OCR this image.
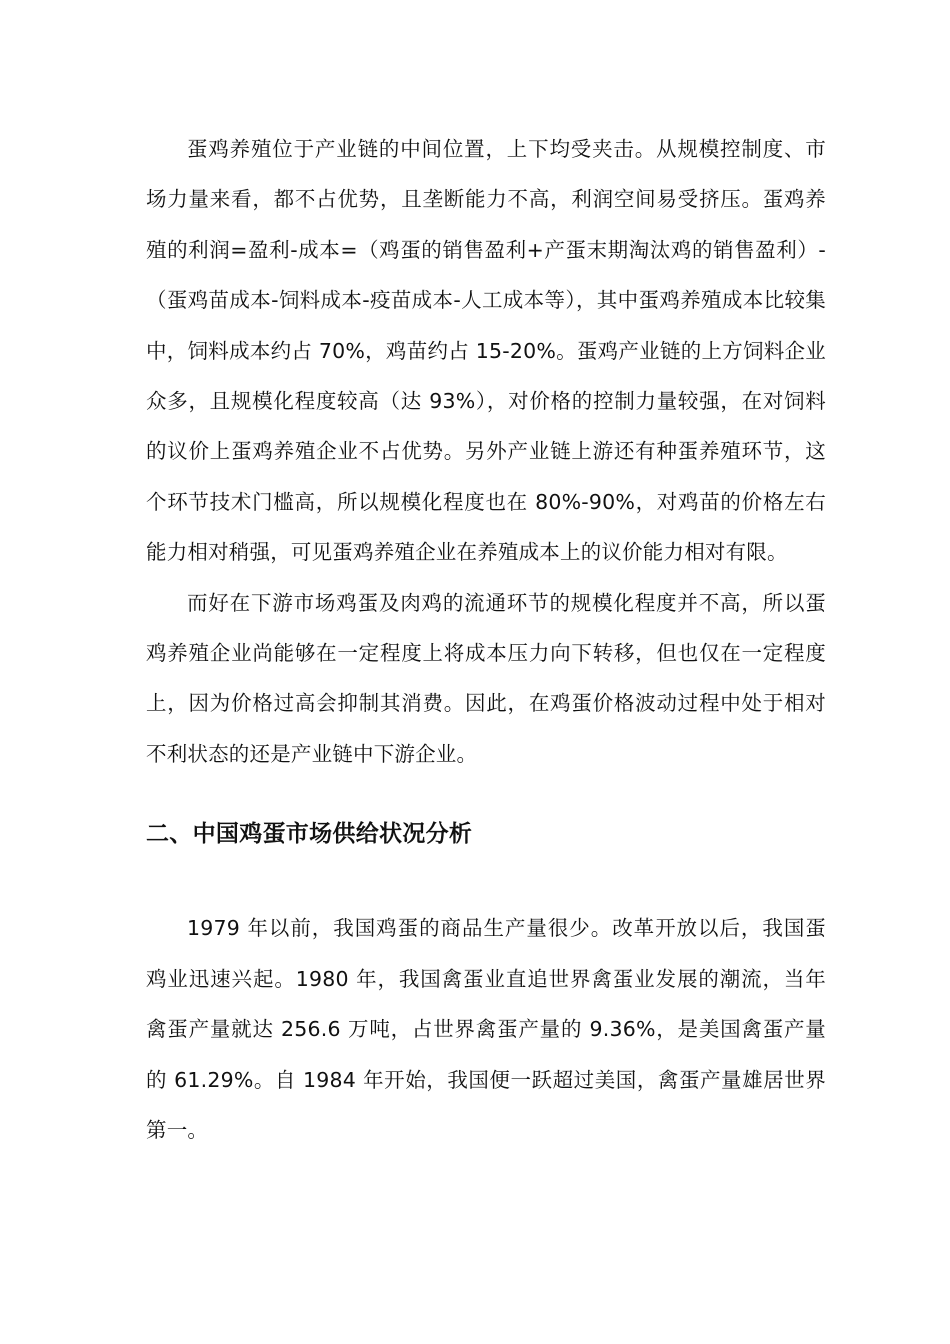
蛋鸡养殖位于产业链的中间位置，上下均受夹击。从规模控制度、市场力量来看，都不占优势，且垄断能力不高，利润空间易受挤压。蛋鸡养殖的利润=盈利-成本=（鸡蛋的销售盈利+产蛋末期淘汰鸡的销售盈利）-（蛋鸡苗成本-饲料成本-疫苗成本-人工成本等），其中蛋鸡养殖成本比较集中，饲料成本约占 70%，鸡苗约占 15-20%。蛋鸡产业链的上方饲料企业众多，且规模化程度较高（达 93%），对价格的控制力量较强，在对饲料的议价上蛋鸡养殖企业不占优势。另外产业链上游还有种蛋养殖环节，这个环节技术门槛高，所以规模化程度也在 80%-90%，对鸡苗的价格左右能力相对稍强，可见蛋鸡养殖企业在养殖成本上的议价能力相对有限。

而好在下游市场鸡蛋及肉鸡的流通环节的规模化程度并不高，所以蛋鸡养殖企业尚能够在一定程度上将成本压力向下转移，但也仅在一定程度上，因为价格过高会抑制其消费。因此，在鸡蛋价格波动过程中处于相对不利状态的还是产业链中下游企业。

二、中国鸡蛋市场供给状况分析

1979 年以前，我国鸡蛋的商品生产量很少。改革开放以后，我国蛋鸡业迅速兴起。1980 年，我国禽蛋业直追世界禽蛋业发展的潮流，当年禽蛋产量就达 256.6 万吨，占世界禽蛋产量的 9.36%，是美国禽蛋产量的 61.29%。自 1984 年开始，我国便一跃超过美国，禽蛋产量雄居世界第一。
